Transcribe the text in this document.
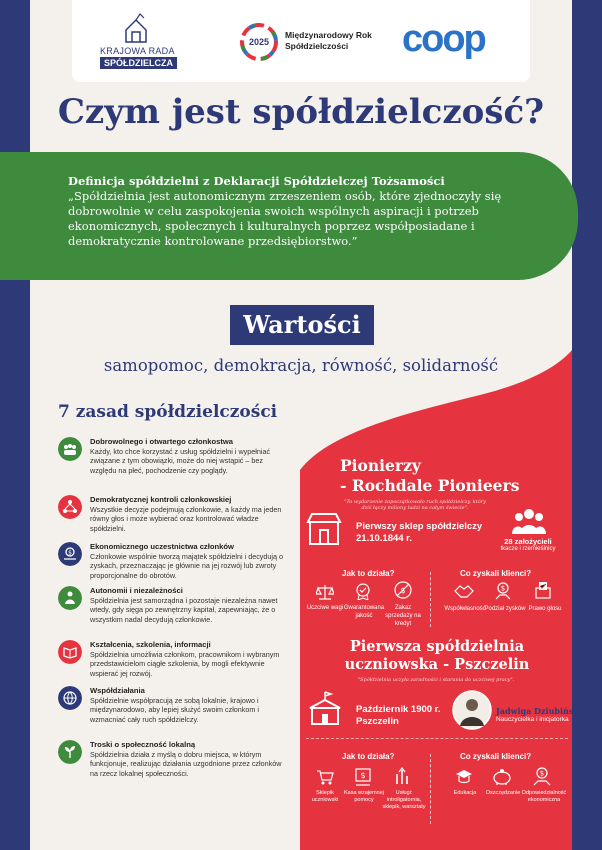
KRAJOWA RADA
SPÓŁDZIELCZA
2025
Międzynarodowy Rok Spółdzielczości	coop
Czym jest spółdzielczość?
Definicja spółdzielni z Deklaracji Spółdzielczej Tożsamości
„Spółdzielnia jest autonomicznym zrzeszeniem osób, które zjednoczyły się dobrowolnie w celu zaspokojenia swoich wspólnych aspiracji i potrzeb ekonomicznych, społecznych i kulturalnych poprzez współposiadane i demokratycznie kontrolowane przedsiębiorstwo.”
Wartości
samopomoc, demokracja, równość, solidarność
7 zasad spółdzielczości
Dobrowolnego i otwartego członkostwa
Każdy, kto chce korzystać z usług spółdzielni i wypełniać związane z tym obowiązki, może do niej wstąpić – bez względu na płeć, pochodzenie czy poglądy.
Demokratycznej kontroli członkowskiej
Wszystkie decyzje podejmują członkowie, a każdy ma jeden równy głos i może wybierać oraz kontrolować władze spółdzielni.
$
Ekonomicznego uczestnictwa członków
Członkowie wspólnie tworzą majątek spółdzielni i decydują o zyskach, przeznaczając je głównie na jej rozwój lub zwroty proporcjonalne do obrotów.
Autonomii i niezależności
Spółdzielnia jest samorządna i pozostaje niezależna nawet wtedy, gdy sięga po zewnętrzny kapitał, zapewniając, że o wszystkim nadal decydują członkowie.
Kształcenia, szkolenia, informacji
Spółdzielnia umożliwia członkom, pracownikom i wybranym przedstawicielom ciągłe szkolenia, by mogli efektywnie wspierać jej rozwój.
Współdziałania
Spółdzielnie współpracują ze sobą lokalnie, krajowo i międzynarodowo, aby lepiej służyć swoim członkom i wzmacniać cały ruch spółdzielczy.
Troski o społeczność lokalną
Spółdzielnia działa z myślą o dobru miejsca, w którym funkcjonuje, realizując działania uzgodnione przez członków na rzecz lokalnej społeczności.
Pionierzy
- Rochdale Pionieers
"To wydarzenie zapoczątkowało ruch spółdzielczy, który dziś łączy miliony ludzi na całym świecie".
Pierwszy sklep spółdzielczy
21.10.1844 r.	28 założycieli
tkacze i rzemieślnicy
Jak to działa?	Co zyskali klienci?
$
Uczciwe wagi Gwarantowana jakość
Zakaz sprzedaży na kredyt
$
Współwłasność
Podział zysków Prawo głosu
Pierwsza spółdzielnia
uczniowska - Pszczelin
"Spółdzielnia uczyła zaradności i starania do uczciwej pracy".
Październik 1900 r.
Pszczelin
Jadwiga Dziubińska
Nauczycielka i inicjatorka
Jak to działa?	Co zyskali klienci?
$
Sklepik uczniowski
Kasa wzajemnej pomocy
Usługi: introligatornia, sklepik, warsztaty
$
Edukacja	Oszczędzanie Odpowiedzialność ekonomiczna
